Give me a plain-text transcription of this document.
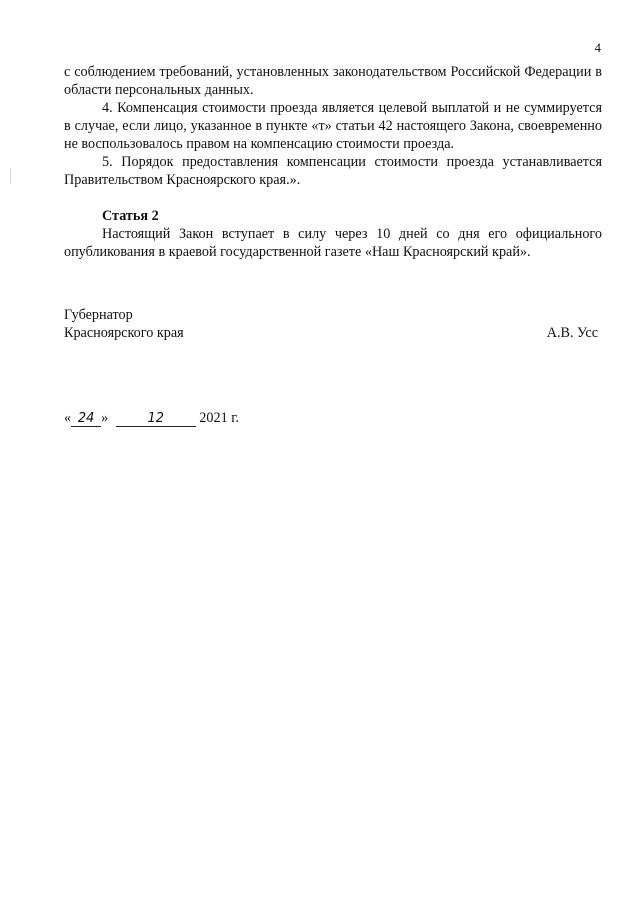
4

с соблюдением требований, установленных законодательством Российской Федерации в области персональных данных.

4. Компенсация стоимости проезда является целевой выплатой и не суммируется в случае, если лицо, указанное в пункте «т» статьи 42 настоящего Закона, своевременно не воспользовалось правом на компенсацию стоимости проезда.

5. Порядок предоставления компенсации стоимости проезда устанавливается Правительством Красноярского края.».

Статья 2

Настоящий Закон вступает в силу через 10 дней со дня его официального опубликования в краевой государственной газете «Наш Красноярский край».

Губернатор
Красноярского края	А.В. Усс
« 24 »	12 2021 г.
